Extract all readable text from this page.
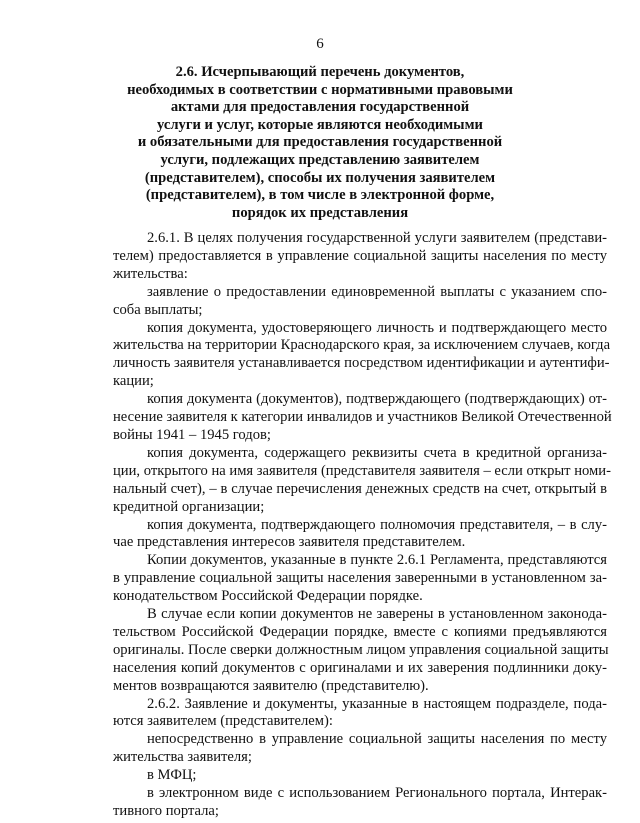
6
2.6. Исчерпывающий перечень документов,
необходимых в соответствии с нормативными правовыми
актами для предоставления государственной
услуги и услуг, которые являются необходимыми
и обязательными для предоставления государственной
услуги, подлежащих представлению заявителем
(представителем), способы их получения заявителем
(представителем), в том числе в электронной форме,
порядок их представления

2.6.1. В целях получения государственной услуги заявителем (представи-
телем) предоставляется в управление социальной защиты населения по месту
жительства:

заявление о предоставлении единовременной выплаты с указанием спо-
соба выплаты;

копия документа, удостоверяющего личность и подтверждающего место
жительства на территории Краснодарского края, за исключением случаев, когда
личность заявителя устанавливается посредством идентификации и аутентифи-
кации;

копия документа (документов), подтверждающего (подтверждающих) от-
несение заявителя к категории инвалидов и участников Великой Отечественной
войны 1941 – 1945 годов;

копия документа, содержащего реквизиты счета в кредитной организа-
ции, открытого на имя заявителя (представителя заявителя – если открыт номи-
нальный счет), – в случае перечисления денежных средств на счет, открытый в
кредитной организации;

копия документа, подтверждающего полномочия представителя, – в слу-
чае представления интересов заявителя представителем.

Копии документов, указанные в пункте 2.6.1 Регламента, представляются
в управление социальной защиты населения заверенными в установленном за-
конодательством Российской Федерации порядке.

В случае если копии документов не заверены в установленном законода-
тельством Российской Федерации порядке, вместе с копиями предъявляются
оригиналы. После сверки должностным лицом управления социальной защиты
населения копий документов с оригиналами и их заверения подлинники доку-
ментов возвращаются заявителю (представителю).

2.6.2. Заявление и документы, указанные в настоящем подразделе, пода-
ются заявителем (представителем):

непосредственно в управление социальной защиты населения по месту
жительства заявителя;

в МФЦ;

в электронном виде с использованием Регионального портала, Интерак-
тивного портала;
